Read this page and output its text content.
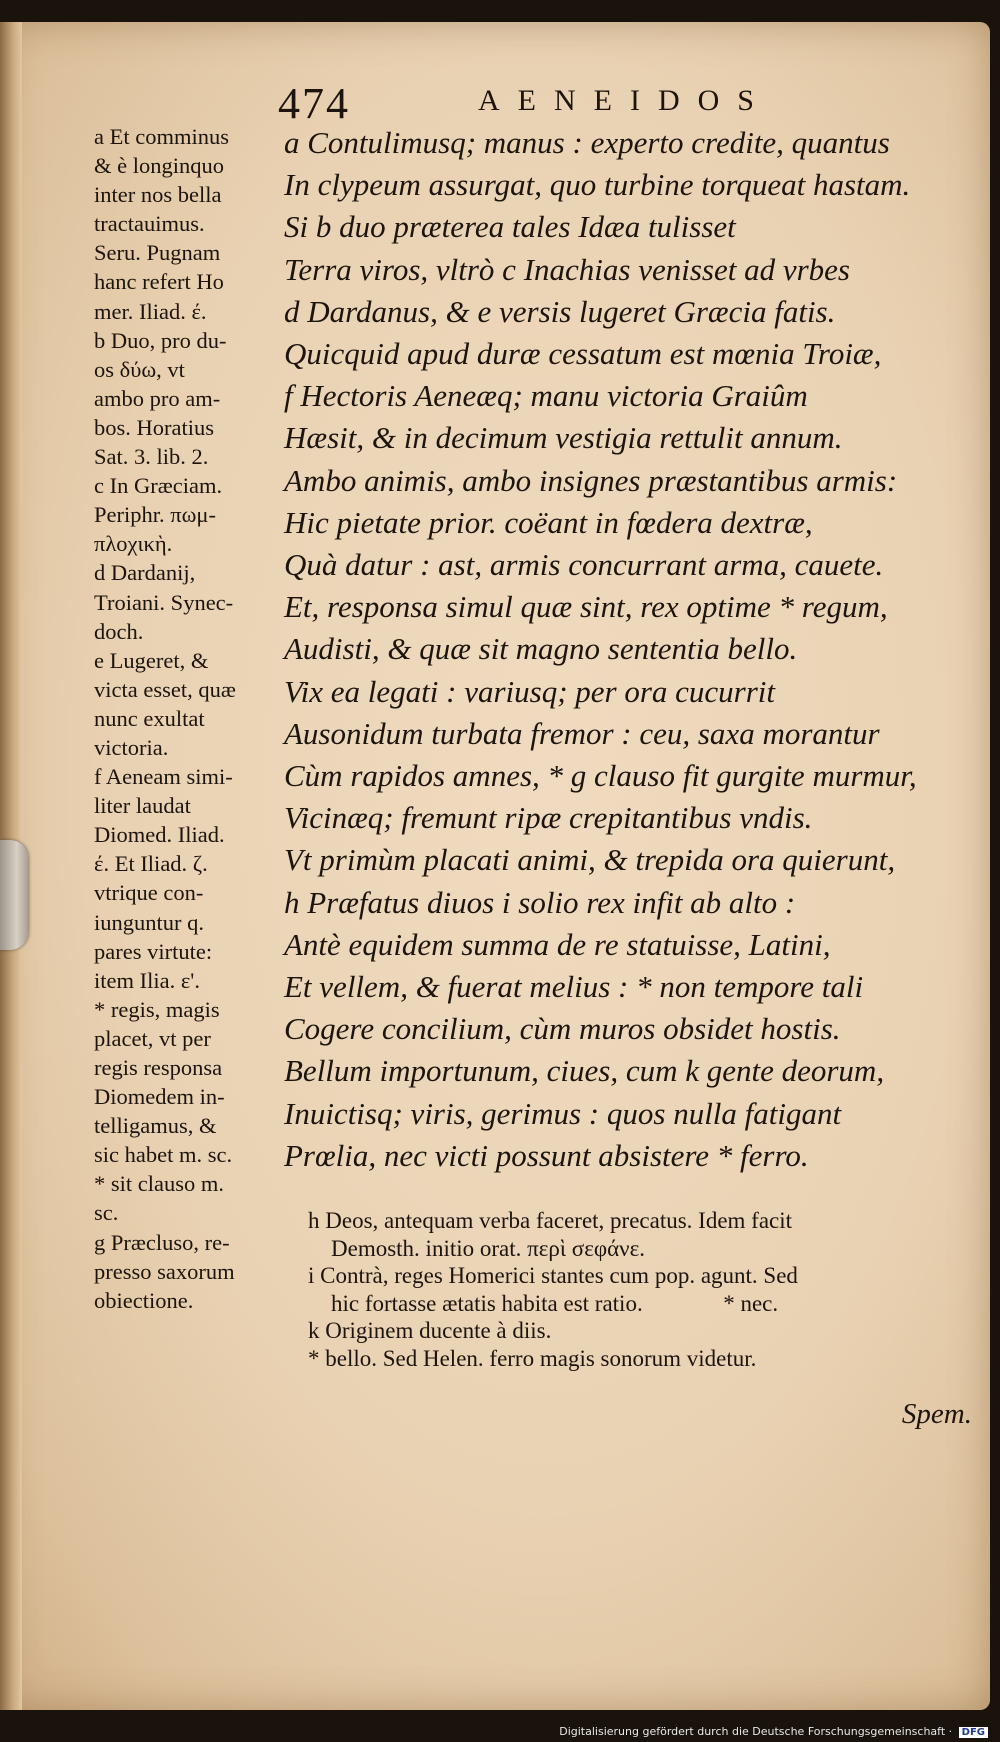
474	AENEIDOS
a Et comminus
& è longinquo
inter nos bella
tractauimus.
Seru. Pugnam
hanc refert Ho
mer. Iliad. έ.
b Duo, pro du-
os δύω, vt
ambo pro am-
bos. Horatius
Sat. 3. lib. 2.
c In Græciam.
Periphr. πωμ-
πλοχικὴ.
d Dardanij,
Troiani. Synec-
doch.
e Lugeret, &
victa esset, quæ
nunc exultat
victoria.
f Aeneam simi-
liter laudat
Diomed. Iliad.
έ. Et Iliad. ζ.
vtrique con-
iunguntur q.
pares virtute:
item Ilia. ε'.
* regis, magis
placet, vt per
regis responsa
Diomedem in-
telligamus, &
sic habet m. sc.
* sit clauso m.
sc.
g Præcluso, re-
presso saxorum
obiectione.
a Contulimusq; manus : experto credite, quantus
In clypeum assurgat, quo turbine torqueat hastam.
Si b duo præterea tales Idæa tulisset
Terra viros, vltrò c Inachias venisset ad vrbes
d Dardanus, & e versis lugeret Græcia fatis.
Quicquid apud duræ cessatum est mœnia Troiæ,
f Hectoris Aeneæq; manu victoria Graiûm
Hæsit, & in decimum vestigia rettulit annum.
Ambo animis, ambo insignes præstantibus armis:
Hic pietate prior. coëant in fœdera dextræ,
Quà datur : ast, armis concurrant arma, cauete.
Et, responsa simul quæ sint, rex optime * regum,
Audisti, & quæ sit magno sententia bello.
Vix ea legati : variusq; per ora cucurrit
Ausonidum turbata fremor : ceu, saxa morantur
Cùm rapidos amnes, * g clauso fit gurgite murmur,
Vicinæq; fremunt ripæ crepitantibus vndis.
Vt primùm placati animi, & trepida ora quierunt,
h Præfatus diuos i solio rex infit ab alto :
Antè equidem summa de re statuisse, Latini,
Et vellem, & fuerat melius : * non tempore tali
Cogere concilium, cùm muros obsidet hostis.
Bellum importunum, ciues, cum k gente deorum,
Inuictisq; viris, gerimus : quos nulla fatigant
Prœlia, nec victi possunt absistere * ferro.
h Deos, antequam verba faceret, precatus. Idem facit
Demosth. initio orat. περὶ σεφάνε.
i Contrà, reges Homerici stantes cum pop. agunt. Sed
hic fortasse ætatis habita est ratio.              * nec.
k Originem ducente à diis.
* bello. Sed Helen. ferro magis sonorum videtur.
Spem.
Digitalisierung gefördert durch die Deutsche Forschungsgemeinschaft · DFG
